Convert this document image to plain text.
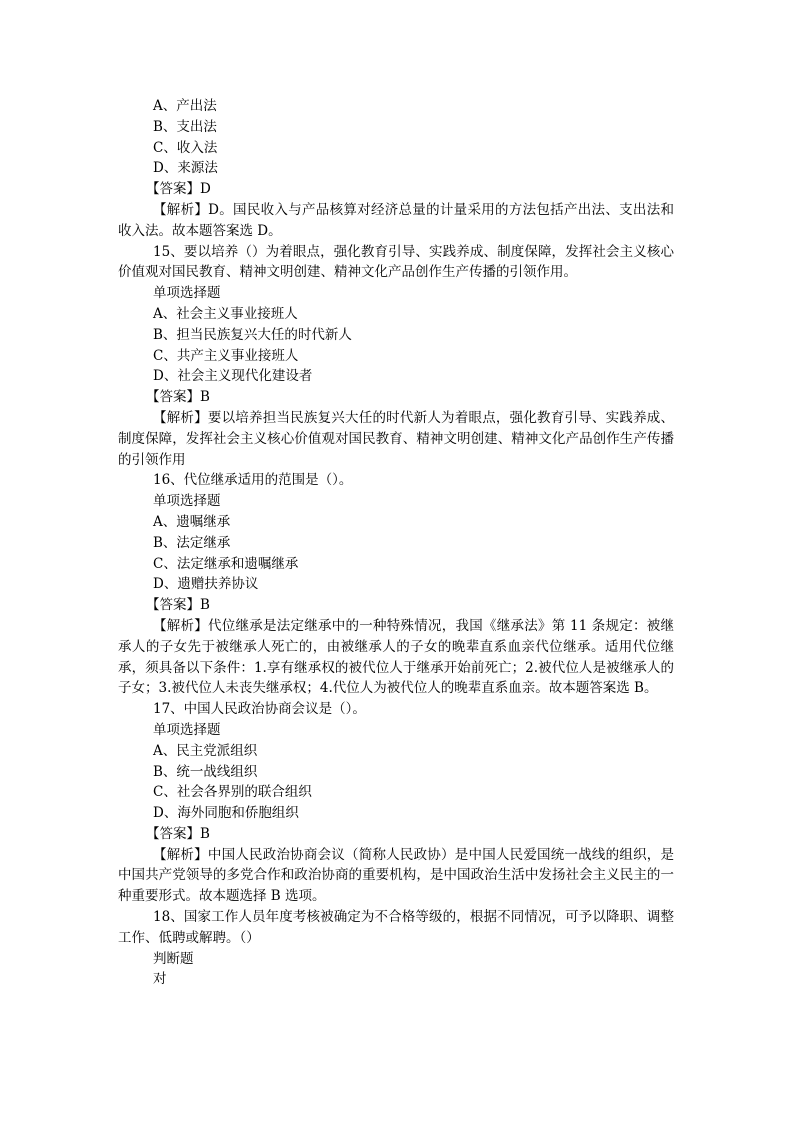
A、产出法

B、支出法

C、收入法

D、来源法

【答案】D

【解析】D。国民收入与产品核算对经济总量的计量采用的方法包括产出法、支出法和收入法。故本题答案选 D。

15、要以培养（）为着眼点，强化教育引导、实践养成、制度保障，发挥社会主义核心价值观对国民教育、精神文明创建、精神文化产品创作生产传播的引领作用。

单项选择题

A、社会主义事业接班人

B、担当民族复兴大任的时代新人

C、共产主义事业接班人

D、社会主义现代化建设者

【答案】B

【解析】要以培养担当民族复兴大任的时代新人为着眼点，强化教育引导、实践养成、制度保障，发挥社会主义核心价值观对国民教育、精神文明创建、精神文化产品创作生产传播的引领作用

16、代位继承适用的范围是（）。

单项选择题

A、遗嘱继承

B、法定继承

C、法定继承和遗嘱继承

D、遗赠扶养协议

【答案】B

【解析】代位继承是法定继承中的一种特殊情况，我国《继承法》第 11 条规定：被继承人的子女先于被继承人死亡的，由被继承人的子女的晚辈直系血亲代位继承。适用代位继承，须具备以下条件：1.享有继承权的被代位人于继承开始前死亡；2.被代位人是被继承人的子女；3.被代位人未丧失继承权；4.代位人为被代位人的晚辈直系血亲。故本题答案选 B。

17、中国人民政治协商会议是（）。

单项选择题

A、民主党派组织

B、统一战线组织

C、社会各界别的联合组织

D、海外同胞和侨胞组织

【答案】B

【解析】中国人民政治协商会议（简称人民政协）是中国人民爱国统一战线的组织，是中国共产党领导的多党合作和政治协商的重要机构，是中国政治生活中发扬社会主义民主的一种重要形式。故本题选择 B 选项。

18、国家工作人员年度考核被确定为不合格等级的，根据不同情况，可予以降职、调整工作、低聘或解聘。（）

判断题

对
